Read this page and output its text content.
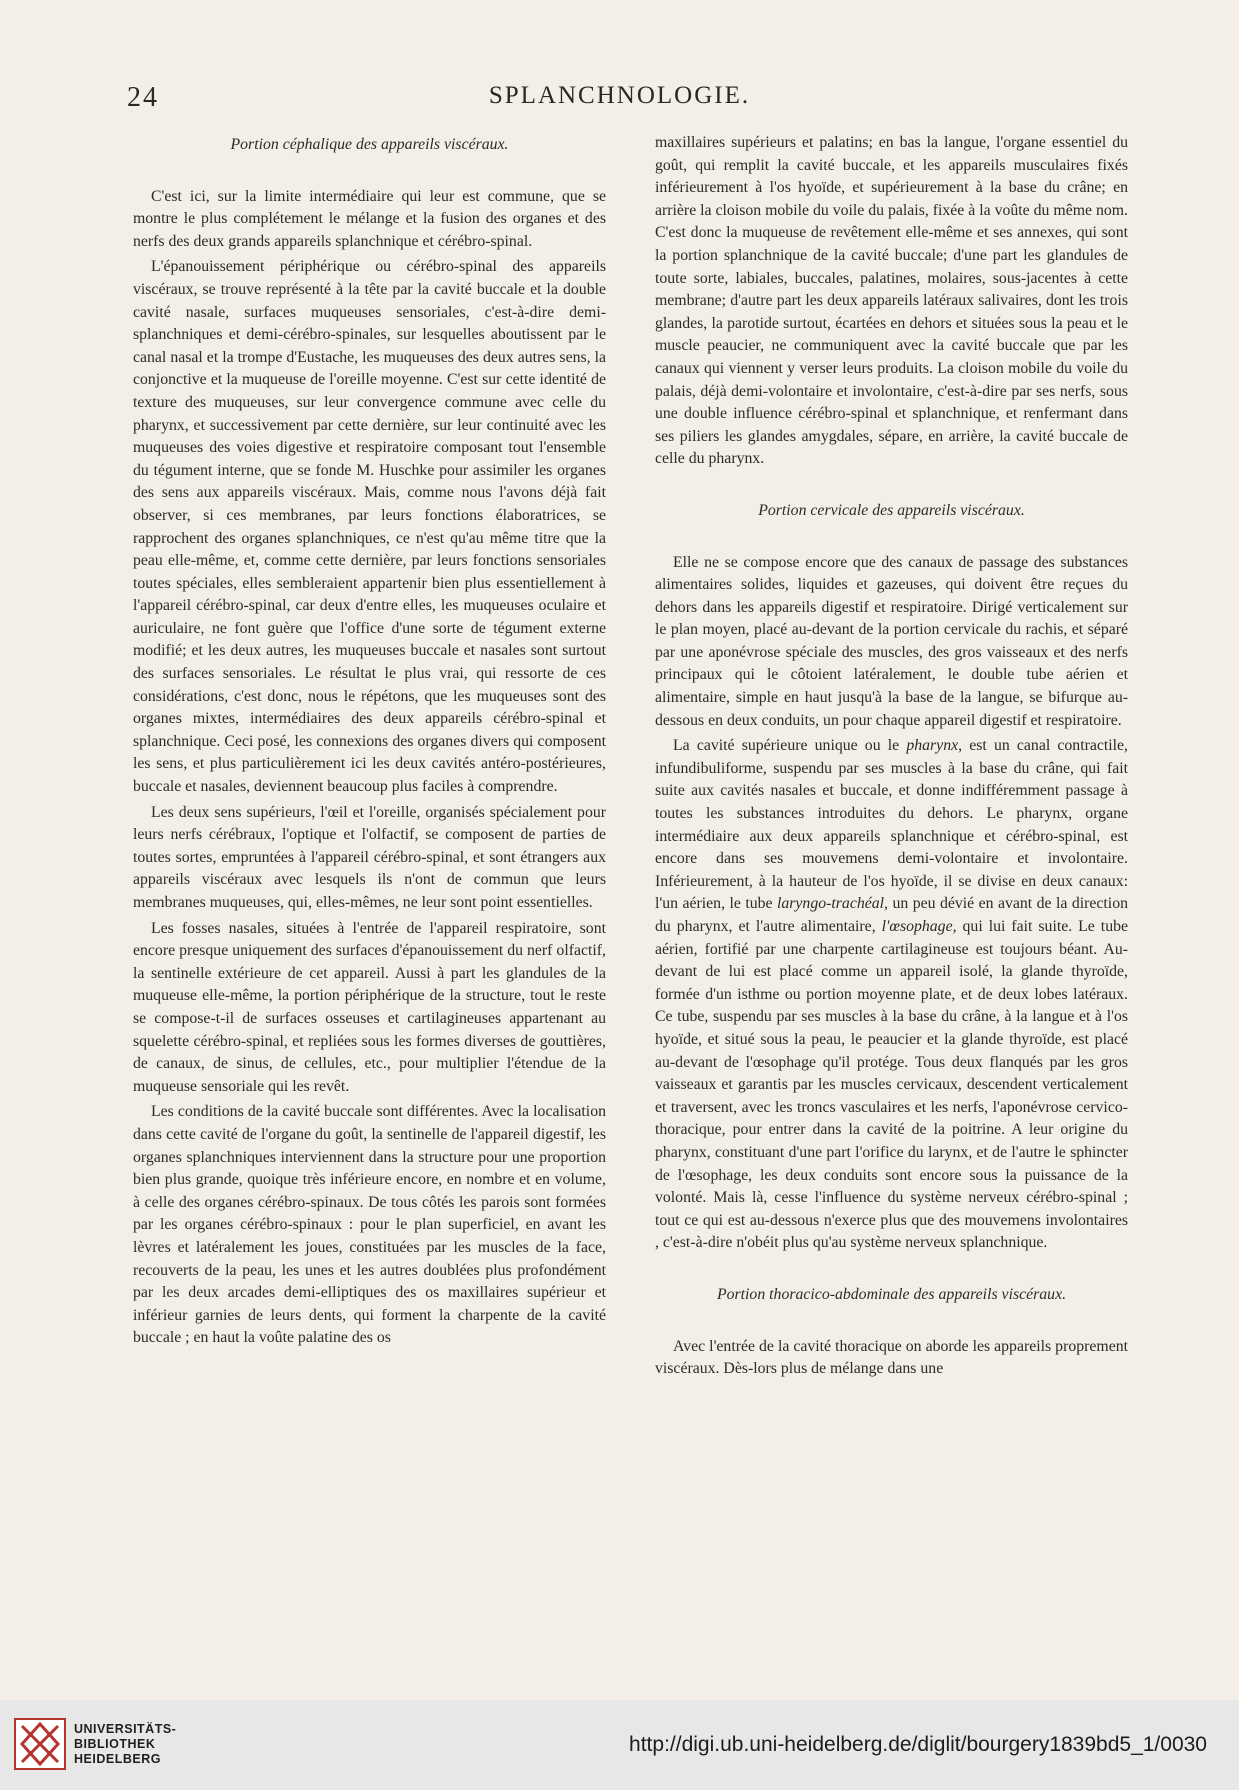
24	SPLANCHNOLOGIE.
Portion céphalique des appareils viscéraux.

C'est ici, sur la limite intermédiaire qui leur est commune, que se montre le plus complétement le mélange et la fusion des organes et des nerfs des deux grands appareils splanchnique et cérébro-spinal.

L'épanouissement périphérique ou cérébro-spinal des appareils viscéraux, se trouve représenté à la tête par la cavité buccale et la double cavité nasale, surfaces muqueuses sensoriales, c'est-à-dire demi-splanchniques et demi-cérébro-spinales, sur lesquelles aboutissent par le canal nasal et la trompe d'Eustache, les muqueuses des deux autres sens, la conjonctive et la muqueuse de l'oreille moyenne. C'est sur cette identité de texture des muqueuses, sur leur convergence commune avec celle du pharynx, et successivement par cette dernière, sur leur continuité avec les muqueuses des voies digestive et respiratoire composant tout l'ensemble du tégument interne, que se fonde M. Huschke pour assimiler les organes des sens aux appareils viscéraux. Mais, comme nous l'avons déjà fait observer, si ces membranes, par leurs fonctions élaboratrices, se rapprochent des organes splanchniques, ce n'est qu'au même titre que la peau elle-même, et, comme cette dernière, par leurs fonctions sensoriales toutes spéciales, elles sembleraient appartenir bien plus essentiellement à l'appareil cérébro-spinal, car deux d'entre elles, les muqueuses oculaire et auriculaire, ne font guère que l'office d'une sorte de tégument externe modifié; et les deux autres, les muqueuses buccale et nasales sont surtout des surfaces sensoriales. Le résultat le plus vrai, qui ressorte de ces considérations, c'est donc, nous le répétons, que les muqueuses sont des organes mixtes, intermédiaires des deux appareils cérébro-spinal et splanchnique. Ceci posé, les connexions des organes divers qui composent les sens, et plus particulièrement ici les deux cavités antéro-postérieures, buccale et nasales, deviennent beaucoup plus faciles à comprendre.

Les deux sens supérieurs, l'œil et l'oreille, organisés spécialement pour leurs nerfs cérébraux, l'optique et l'olfactif, se composent de parties de toutes sortes, empruntées à l'appareil cérébro-spinal, et sont étrangers aux appareils viscéraux avec lesquels ils n'ont de commun que leurs membranes muqueuses, qui, elles-mêmes, ne leur sont point essentielles.

Les fosses nasales, situées à l'entrée de l'appareil respiratoire, sont encore presque uniquement des surfaces d'épanouissement du nerf olfactif, la sentinelle extérieure de cet appareil. Aussi à part les glandules de la muqueuse elle-même, la portion périphérique de la structure, tout le reste se compose-t-il de surfaces osseuses et cartilagineuses appartenant au squelette cérébro-spinal, et repliées sous les formes diverses de gouttières, de canaux, de sinus, de cellules, etc., pour multiplier l'étendue de la muqueuse sensoriale qui les revêt.

Les conditions de la cavité buccale sont différentes. Avec la localisation dans cette cavité de l'organe du goût, la sentinelle de l'appareil digestif, les organes splanchniques interviennent dans la structure pour une proportion bien plus grande, quoique très inférieure encore, en nombre et en volume, à celle des organes cérébro-spinaux. De tous côtés les parois sont formées par les organes cérébro-spinaux : pour le plan superficiel, en avant les lèvres et latéralement les joues, constituées par les muscles de la face, recouverts de la peau, les unes et les autres doublées plus profondément par les deux arcades demi-elliptiques des os maxillaires supérieur et inférieur garnies de leurs dents, qui forment la charpente de la cavité buccale ; en haut la voûte palatine des os

maxillaires supérieurs et palatins; en bas la langue, l'organe essentiel du goût, qui remplit la cavité buccale, et les appareils musculaires fixés inférieurement à l'os hyoïde, et supérieurement à la base du crâne; en arrière la cloison mobile du voile du palais, fixée à la voûte du même nom. C'est donc la muqueuse de revêtement elle-même et ses annexes, qui sont la portion splanchnique de la cavité buccale; d'une part les glandules de toute sorte, labiales, buccales, palatines, molaires, sous-jacentes à cette membrane; d'autre part les deux appareils latéraux salivaires, dont les trois glandes, la parotide surtout, écartées en dehors et situées sous la peau et le muscle peaucier, ne communiquent avec la cavité buccale que par les canaux qui viennent y verser leurs produits. La cloison mobile du voile du palais, déjà demi-volontaire et involontaire, c'est-à-dire par ses nerfs, sous une double influence cérébro-spinal et splanchnique, et renfermant dans ses piliers les glandes amygdales, sépare, en arrière, la cavité buccale de celle du pharynx.

Portion cervicale des appareils viscéraux.

Elle ne se compose encore que des canaux de passage des substances alimentaires solides, liquides et gazeuses, qui doivent être reçues du dehors dans les appareils digestif et respiratoire. Dirigé verticalement sur le plan moyen, placé au-devant de la portion cervicale du rachis, et séparé par une aponévrose spéciale des muscles, des gros vaisseaux et des nerfs principaux qui le côtoient latéralement, le double tube aérien et alimentaire, simple en haut jusqu'à la base de la langue, se bifurque au-dessous en deux conduits, un pour chaque appareil digestif et respiratoire.

La cavité supérieure unique ou le pharynx, est un canal contractile, infundibuliforme, suspendu par ses muscles à la base du crâne, qui fait suite aux cavités nasales et buccale, et donne indifféremment passage à toutes les substances introduites du dehors. Le pharynx, organe intermédiaire aux deux appareils splanchnique et cérébro-spinal, est encore dans ses mouvemens demi-volontaire et involontaire. Inférieurement, à la hauteur de l'os hyoïde, il se divise en deux canaux: l'un aérien, le tube laryngo-trachéal, un peu dévié en avant de la direction du pharynx, et l'autre alimentaire, l'œsophage, qui lui fait suite. Le tube aérien, fortifié par une charpente cartilagineuse est toujours béant. Au-devant de lui est placé comme un appareil isolé, la glande thyroïde, formée d'un isthme ou portion moyenne plate, et de deux lobes latéraux. Ce tube, suspendu par ses muscles à la base du crâne, à la langue et à l'os hyoïde, et situé sous la peau, le peaucier et la glande thyroïde, est placé au-devant de l'œsophage qu'il protége. Tous deux flanqués par les gros vaisseaux et garantis par les muscles cervicaux, descendent verticalement et traversent, avec les troncs vasculaires et les nerfs, l'aponévrose cervico-thoracique, pour entrer dans la cavité de la poitrine. A leur origine du pharynx, constituant d'une part l'orifice du larynx, et de l'autre le sphincter de l'œsophage, les deux conduits sont encore sous la puissance de la volonté. Mais là, cesse l'influence du système nerveux cérébro-spinal ; tout ce qui est au-dessous n'exerce plus que des mouvemens involontaires , c'est-à-dire n'obéit plus qu'au système nerveux splanchnique.

Portion thoracico-abdominale des appareils viscéraux.

Avec l'entrée de la cavité thoracique on aborde les appareils proprement viscéraux. Dès-lors plus de mélange dans une

UNIVERSITÄTS-
BIBLIOTHEK
HEIDELBERG
http://digi.ub.uni-heidelberg.de/diglit/bourgery1839bd5_1/0030
